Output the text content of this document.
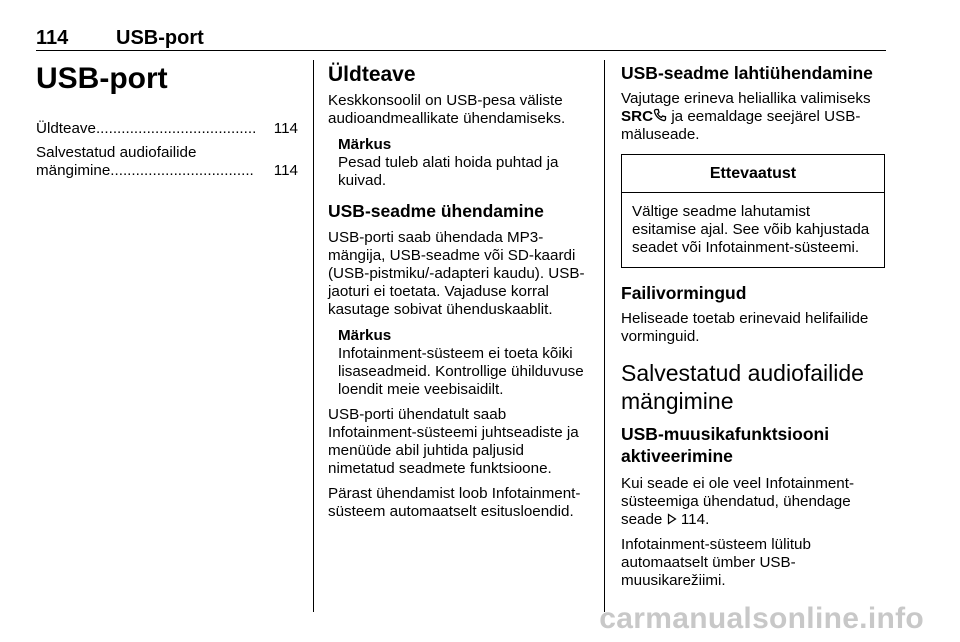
114 USB-port
USB-port
Üldteave ......................................	114
Salvestatud audiofailide
mängimine ..................................	114
Üldteave

Keskkonsoolil on USB-pesa väliste audioandmeallikate ühendamiseks.

Märkus
Pesad tuleb alati hoida puhtad ja kuivad.
USB-seadme ühendamine

USB-porti saab ühendada MP3-mängija, USB-seadme või SD-kaardi (USB-pistmiku/-adapteri kaudu). USB-jaoturi ei toetata. Vajaduse korral kasutage sobivat ühenduskaablit.

Märkus
Infotainment-süsteem ei toeta kõiki lisaseadmeid. Kontrollige ühilduvuse loendit meie veebisaidilt.

USB-porti ühendatult saab Infotainment-süsteemi juhtseadiste ja menüüde abil juhtida paljusid nimetatud seadmete funktsioone.

Pärast ühendamist loob Infotainment-süsteem automaatselt esitusloendid.

USB-seadme lahtiühendamine

Vajutage erineva heliallika valimiseks SRC ja eemaldage seejärel USB-mäluseade.

Ettevaatust
Vältige seadme lahutamist esitamise ajal. See võib kahjustada seadet või Infotainment-süsteemi.
Failivormingud

Heliseade toetab erinevaid helifailide vorminguid.

Salvestatud audiofailide mängimine
USB-muusikafunktsiooni aktiveerimine

Kui seade ei ole veel Infotainment-süsteemiga ühendatud, ühendage seade 114.

Infotainment-süsteem lülitub automaatselt ümber USB-muusikarežiimi.

carmanualsonline.info
